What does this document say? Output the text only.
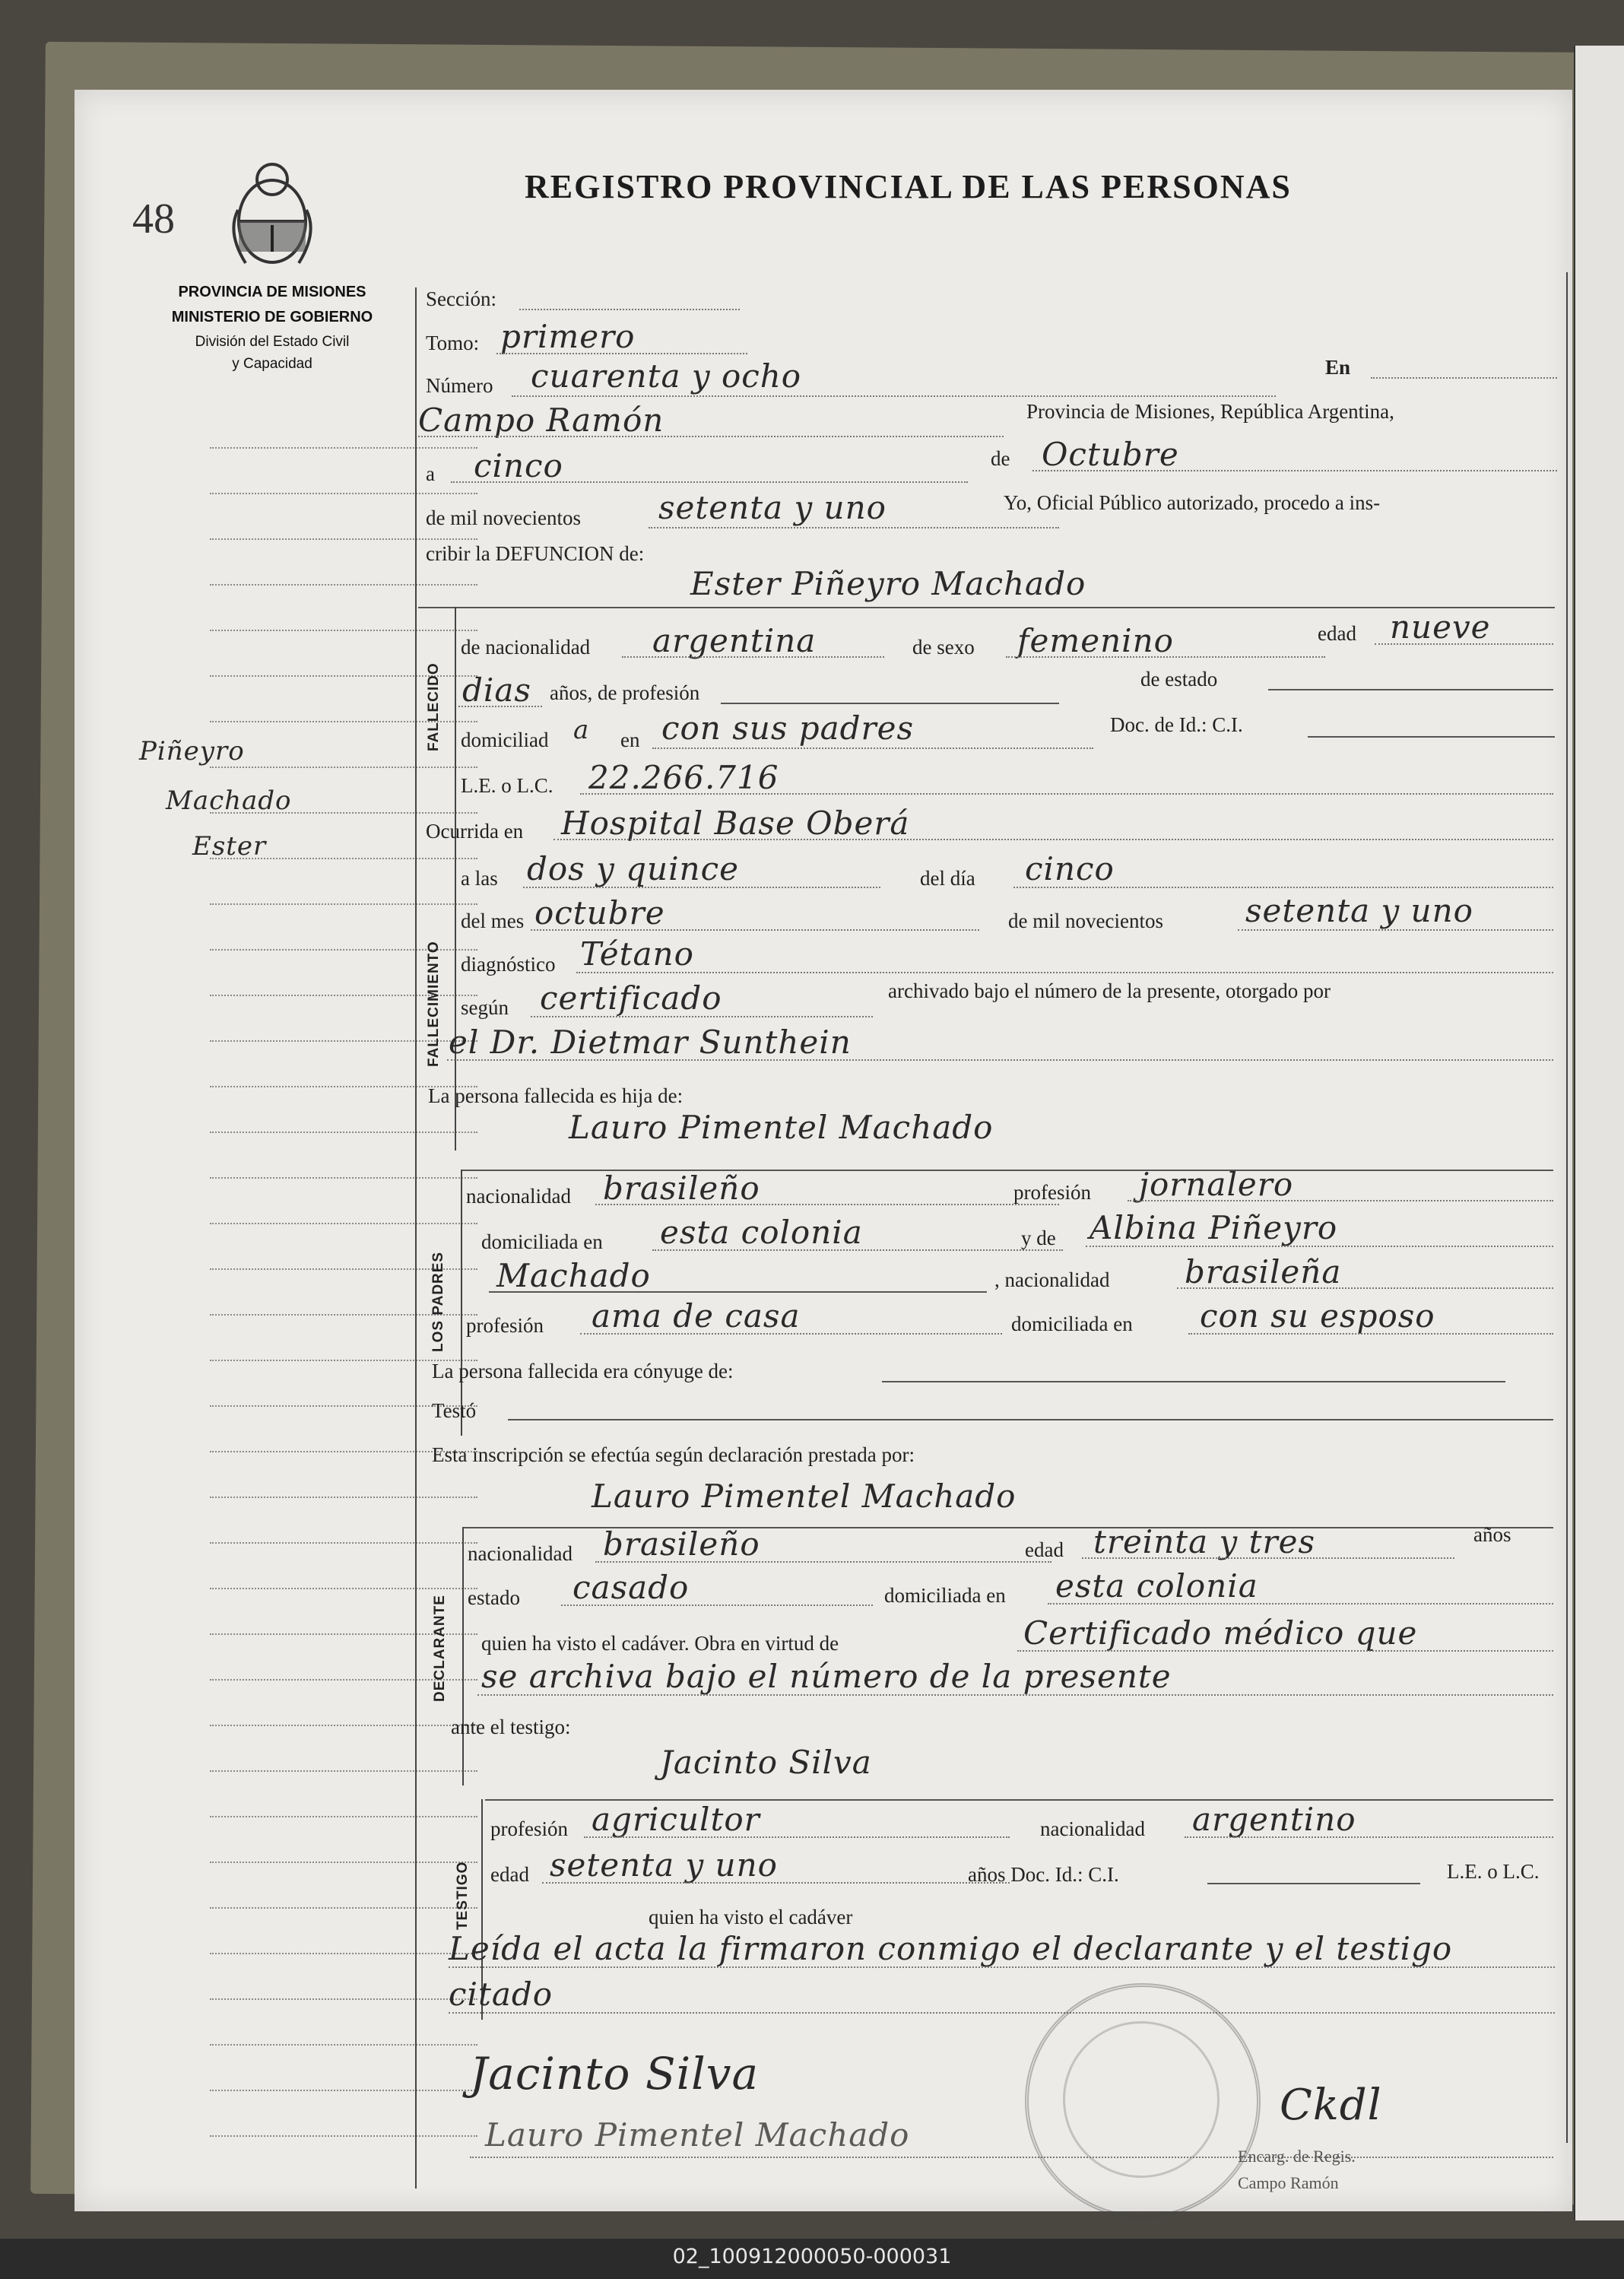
48
REGISTRO PROVINCIAL DE LAS PERSONAS
PROVINCIA DE MISIONES
MINISTERIO DE GOBIERNO
División del Estado Civil
y Capacidad
Piñeyro
Machado
Ester
Sección:
Tomo: primero
Número cuarenta y ocho	En
Campo Ramón	Provincia de Misiones, República Argentina,
a cinco	de Octubre
de mil novecientos setenta y uno	Yo, Oficial Público autorizado, procedo a ins-
cribir la DEFUNCION de:
FALLECIDO
Ester Piñeyro Machado
de nacionalidad argentina	de sexo femenino	edad nueve
dias años, de profesión
de estado
domiciliad a en con sus padres	Doc. de Id.: C.I.
L.E. o L.C. 22.266.716
Ocurrida en Hospital Base Oberá
FALLECIMIENTO
a las dos y quince	del día cinco
del mes octubre	de mil novecientos	setenta y uno
diagnóstico Tétano
según certificado	archivado bajo el número de la presente, otorgado por
el Dr. Dietmar Sunthein
La persona fallecida es hija de:
Lauro Pimentel Machado
LOS PADRES
nacionalidad brasileño	profesión jornalero
domiciliada en esta colonia	y de Albina Piñeyro
Machado	, nacionalidad brasileña
profesión ama de casa	domiciliada en con su esposo
La persona fallecida era cónyuge de:
Testó
Esta inscripción se efectúa según declaración prestada por:
Lauro Pimentel Machado
DECLARANTE
nacionalidad brasileño	edad treinta y tres	años
estado casado	domiciliada en esta colonia
quien ha visto el cadáver. Obra en virtud de	Certificado médico que
se archiva bajo el número de la presente
ante el testigo:
Jacinto Silva
TESTIGO
profesión agricultor	nacionalidad argentino
edad setenta y uno	años Doc. Id.: C.I.	L.E. o L.C.
quien ha visto el cadáver
Leída el acta la firmaron conmigo el declarante y el testigo
citado
Jacinto Silva
Lauro Pimentel Machado
Ckdl
Encarg. de Regis.
Campo Ramón
02_100912000050-000031
